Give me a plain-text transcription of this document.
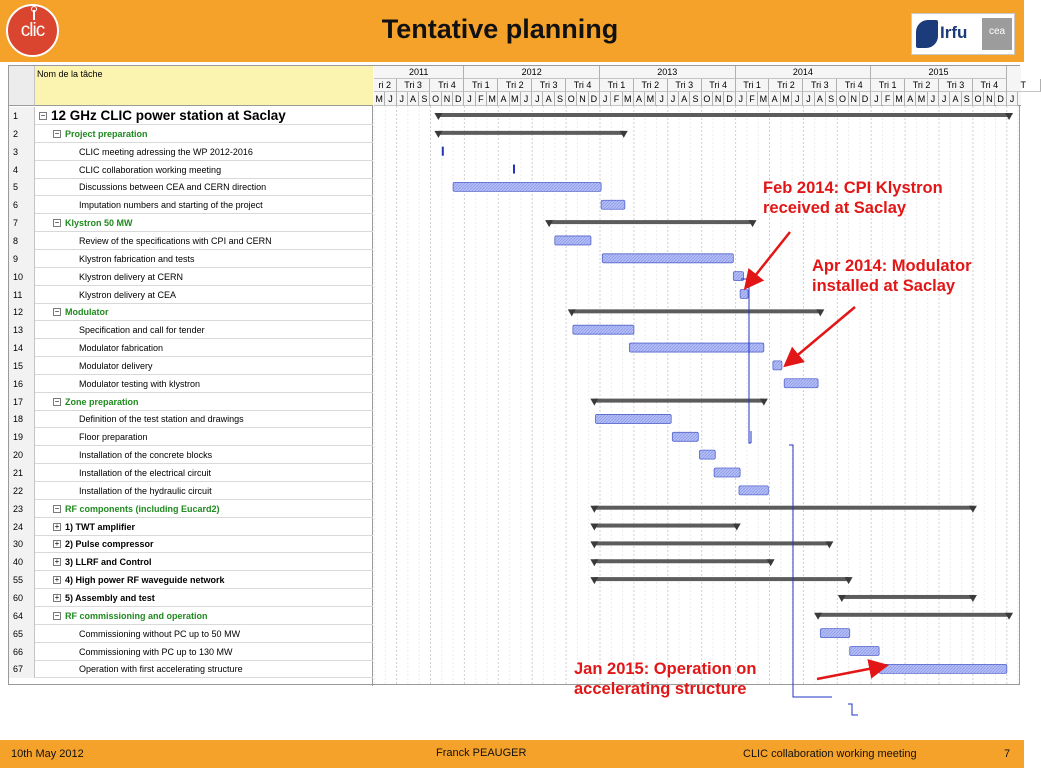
clic	Tentative planning	Irfu	cea
Nom de la tâche
1	− 12 GHz CLIC power station at Saclay
2	− Project preparation
3	CLIC meeting adressing the WP 2012-2016
4	CLIC collaboration working meeting
5	Discussions between CEA and CERN direction
6	Imputation numbers and starting of the project
7	− Klystron 50 MW
8	Review of the specifications with CPI and CERN
9	Klystron fabrication and tests
10	Klystron delivery at CERN
11	Klystron delivery at CEA
12	− Modulator
13	Specification and call for tender
14	Modulator fabrication
15	Modulator delivery
16	Modulator testing with klystron
17	− Zone preparation
18	Definition of the test station and drawings
19	Floor preparation
20	Installation of the concrete blocks
21	Installation of the electrical circuit
22	Installation of the hydraulic circuit
23	− RF components (including Eucard2)
24	+ 1) TWT amplifier
30	+ 2) Pulse compressor
40	+ 3) LLRF and Control
55	+ 4) High power RF waveguide network
60	+ 5) Assembly and test
64	− RF commissioning and operation
65	Commissioning without PC up to 50 MW
66	Commissioning with PC up to 130 MW
67	Operation with first accelerating structure
2011	2012	2013	2014	2015
ri 2	Tri 3	Tri 4	Tri 1	Tri 2	Tri 3	Tri 4	Tri 1	Tri 2	Tri 3	Tri 4	Tri 1	Tri 2	Tri 3	Tri 4	Tri 1	Tri 2	Tri 3	Tri 4	T
M J J A S O N D J F M A M J J A S O N D J F M A M J J A S O N D J F M A M J J A S O N D J F M A M J J A S O N D J
Feb 2014: CPI Klystron
received at Saclay
Apr 2014: Modulator
installed at Saclay
Jan 2015: Operation on
accelerating structure
10th May 2012	Franck PEAUGER	CLIC collaboration working meeting	7
